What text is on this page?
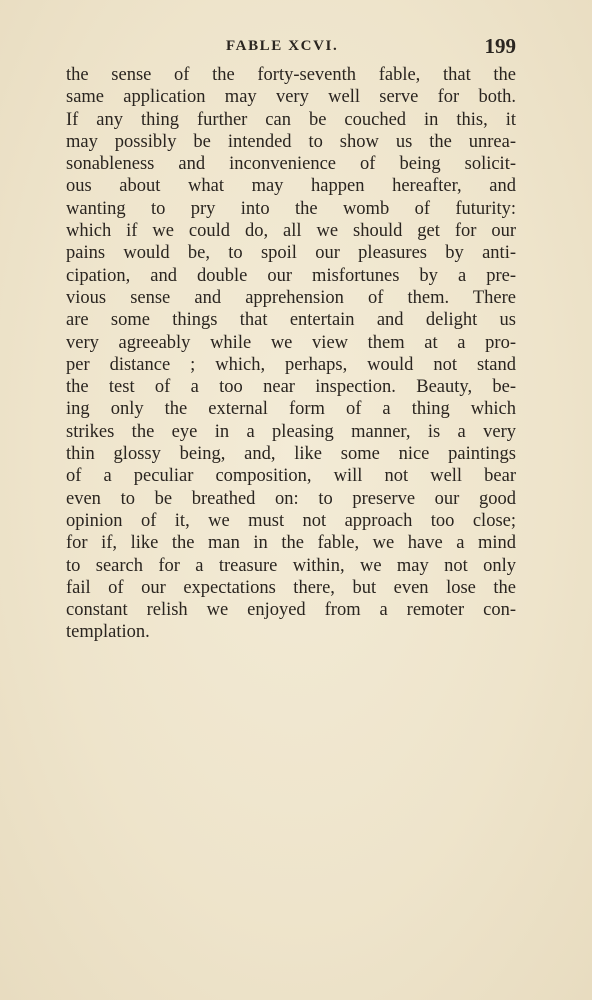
FABLE XCVI.	199
the sense of the forty-seventh fable, that the
same application may very well serve for both.
If any thing further can be couched in this, it
may possibly be intended to show us the unrea-
sonableness and inconvenience of being solicit-
ous about what may happen hereafter, and
wanting to pry into the womb of futurity:
which if we could do, all we should get for our
pains would be, to spoil our pleasures by anti-
cipation, and double our misfortunes by a pre-
vious sense and apprehension of them. There
are some things that entertain and delight us
very agreeably while we view them at a pro-
per distance ; which, perhaps, would not stand
the test of a too near inspection. Beauty, be-
ing only the external form of a thing which
strikes the eye in a pleasing manner, is a very
thin glossy being, and, like some nice paintings
of a peculiar composition, will not well bear
even to be breathed on: to preserve our good
opinion of it, we must not approach too close;
for if, like the man in the fable, we have a mind
to search for a treasure within, we may not only
fail of our expectations there, but even lose the
constant relish we enjoyed from a remoter con-
templation.
